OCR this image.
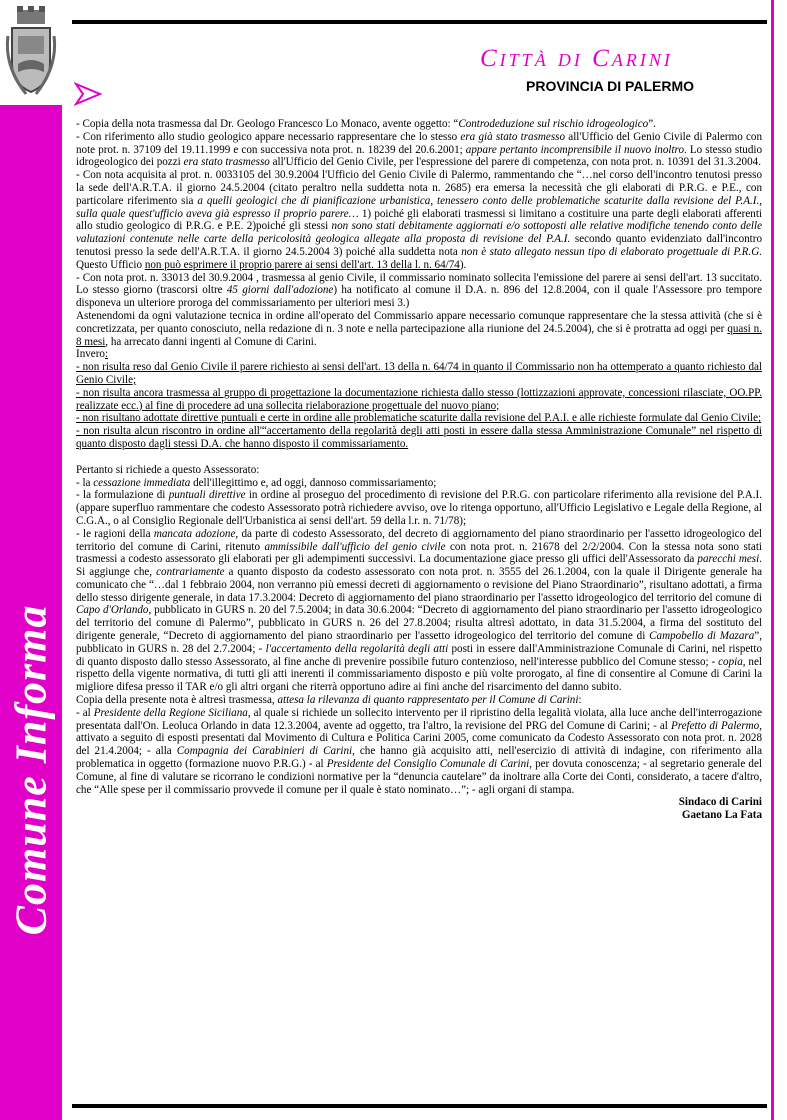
Comune Informa
Città di Carini
PROVINCIA DI PALERMO

- Copia della nota trasmessa dal Dr. Geologo Francesco Lo Monaco, avente oggetto: “Controdeduzione sul rischio idrogeologico”.

- Con riferimento allo studio geologico appare necessario rappresentare che lo stesso era già stato trasmesso all'Ufficio del Genio Civile di Palermo con note prot. n. 37109 del 19.11.1999 e con successiva nota prot. n. 18239 del 20.6.2001; appare pertanto incomprensibile il nuovo inoltro. Lo stesso studio idrogeologico dei pozzi era stato trasmesso all'Ufficio del Genio Civile, per l'espressione del parere di competenza, con nota prot. n. 10391 del 31.3.2004.

- Con nota acquisita al prot. n. 0033105 del 30.9.2004 l'Ufficio del Genio Civile di Palermo, rammentando che “…nel corso dell'incontro tenutosi presso la sede dell'A.R.T.A. il giorno 24.5.2004 (citato peraltro nella suddetta nota n. 2685) era emersa la necessità che gli elaborati di P.R.G. e P.E., con particolare riferimento sia a quelli geologici che di pianificazione urbanistica, tenessero conto delle problematiche scaturite dalla revisione del P.A.I., sulla quale quest'ufficio aveva già espresso il proprio parere… 1) poiché gli elaborati trasmessi si limitano a costituire una parte degli elaborati afferenti allo studio geologico di P.R.G. e P.E. 2)poiché gli stessi non sono stati debitamente aggiornati e/o sottoposti alle relative modifiche tenendo conto delle valutazioni contenute nelle carte della pericolosità geologica allegate alla proposta di revisione del P.A.I. secondo quanto evidenziato dall'incontro tenutosi presso la sede dell'A.R.T.A. il giorno 24.5.2004 3) poiché alla suddetta nota non è stato allegato nessun tipo di elaborato progettuale di P.R.G. Questo Ufficio non può esprimere il proprio parere ai sensi dell'art. 13 della l. n. 64/74).

- Con nota prot. n. 33013 del 30.9.2004 , trasmessa al genio Civile, il commissario nominato sollecita l'emissione del parere ai sensi dell'art. 13 succitato. Lo stesso giorno (trascorsi oltre 45 giorni dall'adozione) ha notificato al comune il D.A. n. 896 del 12.8.2004, con il quale l'Assessore pro tempore disponeva un ulteriore proroga del commissariamento per ulteriori mesi 3.)

Astenendomi da ogni valutazione tecnica in ordine all'operato del Commissario appare necessario comunque rappresentare che la stessa attività (che si è concretizzata, per quanto conosciuto, nella redazione di n. 3 note e nella partecipazione alla riunione del 24.5.2004), che si è protratta ad oggi per quasi n. 8 mesi, ha arrecato danni ingenti al Comune di Carini.

Invero:

- non risulta reso dal Genio Civile il parere richiesto ai sensi dell'art. 13 della n. 64/74 in quanto il Commissario non ha ottemperato a quanto richiesto dal Genio Civile;

- non risulta ancora trasmessa al gruppo di progettazione la documentazione richiesta dallo stesso (lottizzazioni approvate, concessioni rilasciate, OO.PP. realizzate ecc.) al fine di procedere ad una sollecita rielaborazione progettuale del nuovo piano;

- non risultano adottate direttive puntuali e certe in ordine alle problematiche scaturite dalla revisione del P.A.I. e alle richieste formulate dal Genio Civile;

- non risulta alcun riscontro in ordine all'“accertamento della regolarità degli atti posti in essere dalla stessa Amministrazione Comunale” nel rispetto di quanto disposto dagli stessi D.A. che hanno disposto il commissariamento.

Pertanto si richiede a questo Assessorato:

- la cessazione immediata dell'illegittimo e, ad oggi, dannoso commissariamento;

- la formulazione di puntuali direttive in ordine al proseguo del procedimento di revisione del P.R.G. con particolare riferimento alla revisione del P.A.I. (appare superfluo rammentare che codesto Assessorato potrà richiedere avviso, ove lo ritenga opportuno, all'Ufficio Legislativo e Legale della Regione, al C.G.A., o al Consiglio Regionale dell'Urbanistica ai sensi dell'art. 59 della l.r. n. 71/78);

- le ragioni della mancata adozione, da parte di codesto Assessorato, del decreto di aggiornamento del piano straordinario per l'assetto idrogeologico del territorio del comune di Carini, ritenuto ammissibile dall'ufficio del genio civile con nota prot. n. 21678 del 2/2/2004. Con la stessa nota sono stati trasmessi a codesto assessorato gli elaborati per gli adempimenti successivi. La documentazione giace presso gli uffici dell'Assessorato da parecchi mesi. Si aggiunge che, contrariamente a quanto disposto da codesto assessorato con nota prot. n. 3555 del 26.1.2004, con la quale il Dirigente generale ha comunicato che “…dal 1 febbraio 2004, non verranno più emessi decreti di aggiornamento o revisione del Piano Straordinario”, risultano adottati, a firma dello stesso dirigente generale, in data 17.3.2004: Decreto di aggiornamento del piano straordinario per l'assetto idrogeologico del territorio del comune di Capo d'Orlando, pubblicato in GURS n. 20 del 7.5.2004; in data 30.6.2004: “Decreto di aggiornamento del piano straordinario per l'assetto idrogeologico del territorio del comune di Palermo”, pubblicato in GURS n. 26 del 27.8.2004; risulta altresì adottato, in data 31.5.2004, a firma del sostituto del dirigente generale, “Decreto di aggiornamento del piano straordinario per l'assetto idrogeologico del territorio del comune di Campobello di Mazara”, pubblicato in GURS n. 28 del 2.7.2004; - l'accertamento della regolarità degli atti posti in essere dall'Amministrazione Comunale di Carini, nel rispetto di quanto disposto dallo stesso Assessorato, al fine anche di prevenire possibile futuro contenzioso, nell'interesse pubblico del Comune stesso; - copia, nel rispetto della vigente normativa, di tutti gli atti inerenti il commissariamento disposto e più volte prorogato, al fine di consentire al Comune di Carini la migliore difesa presso il TAR e/o gli altri organi che riterrà opportuno adire ai fini anche del risarcimento del danno subito.

Copia della presente nota è altresì trasmessa, attesa la rilevanza di quanto rappresentato per il Comune di Carini:

- al Presidente della Regione Siciliana, al quale si richiede un sollecito intervento per il ripristino della legalità violata, alla luce anche dell'interrogazione presentata dall'On. Leoluca Orlando in data 12.3.2004, avente ad oggetto, tra l'altro, la revisione del PRG del Comune di Carini; - al Prefetto di Palermo, attivato a seguito di esposti presentati dal Movimento di Cultura e Politica Carini 2005, come comunicato da Codesto Assessorato con nota prot. n. 2028 del 21.4.2004; - alla Compagnia dei Carabinieri di Carini, che hanno già acquisito atti, nell'esercizio di attività di indagine, con riferimento alla problematica in oggetto (formazione nuovo P.R.G.) - al Presidente del Consiglio Comunale di Carini, per dovuta conoscenza; - al segretario generale del Comune, al fine di valutare se ricorrano le condizioni normative per la “denuncia cautelare” da inoltrare alla Corte dei Conti, considerato, a tacere d'altro, che “Alle spese per il commissario provvede il comune per il quale è stato nominato…”; - agli organi di stampa.

Sindaco di Carini

Gaetano La Fata
